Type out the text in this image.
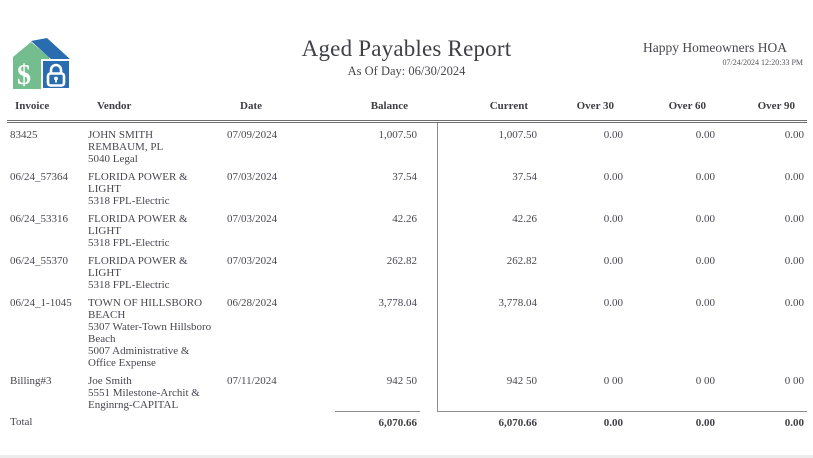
$
Aged Payables Report
As Of Day: 06/30/2024
Happy Homeowners HOA
07/24/2024 12:20:33 PM
Invoice	Vendor	Date	Balance		Current	Over 30	Over 60	Over 90
83425	JOHN SMITH
REMBAUM, PL
5040 Legal	07/09/2024	1,007.50		1,007.50	0.00	0.00	0.00
06/24_57364	FLORIDA POWER &
LIGHT
5318 FPL-Electric	07/03/2024	37.54		37.54	0.00	0.00	0.00
06/24_53316	FLORIDA POWER &
LIGHT
5318 FPL-Electric	07/03/2024	42.26		42.26	0.00	0.00	0.00
06/24_55370	FLORIDA POWER &
LIGHT
5318 FPL-Electric	07/03/2024	262.82		262.82	0.00	0.00	0.00
06/24_1-1045	TOWN OF HILLSBORO
BEACH
5307 Water-Town Hillsboro
Beach
5007 Administrative &
Office Expense
	06/28/2024	3,778.04		3,778.04	0.00	0.00	0.00
Billing#3	Joe Smith
5551 Milestone-Archit &
Enginrng-CAPITAL	07/11/2024	942 50		942 50	0 00	0 00	0 00
Total			6,070.66		6,070.66	0.00	0.00	0.00
